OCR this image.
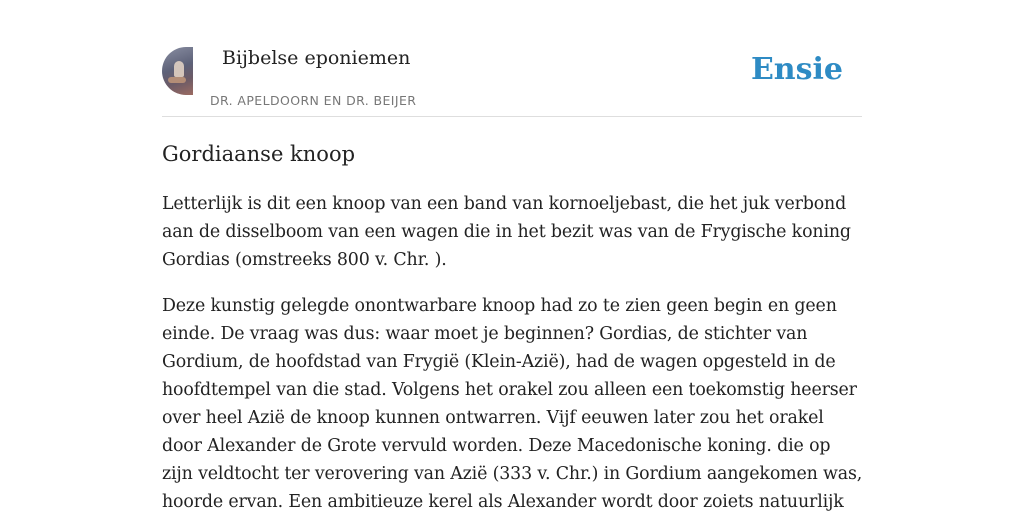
Bijbelse eponiemen
DR. APELDOORN EN DR. BEIJER
Ensie
Gordiaanse knoop

Letterlijk is dit een knoop van een band van kornoeljebast, die het juk verbond aan de disselboom van een wagen die in het bezit was van de Frygische koning Gordias (omstreeks 800 v. Chr. ).

Deze kunstig gelegde onontwarbare knoop had zo te zien geen begin en geen einde. De vraag was dus: waar moet je beginnen? Gordias, de stichter van Gordium, de hoofdstad van Frygië (Klein-Azië), had de wagen opgesteld in de hoofdtempel van die stad. Volgens het orakel zou alleen een toekomstig heerser over heel Azië de knoop kunnen ontwarren. Vijf eeuwen later zou het orakel door Alexander de Grote vervuld worden. Deze Macedonische koning. die op zijn veldtocht ter verovering van Azië (333 v. Chr.) in Gordium aangekomen was, hoorde ervan. Een ambitieuze kerel als Alexander wordt door zoiets natuurlijk
